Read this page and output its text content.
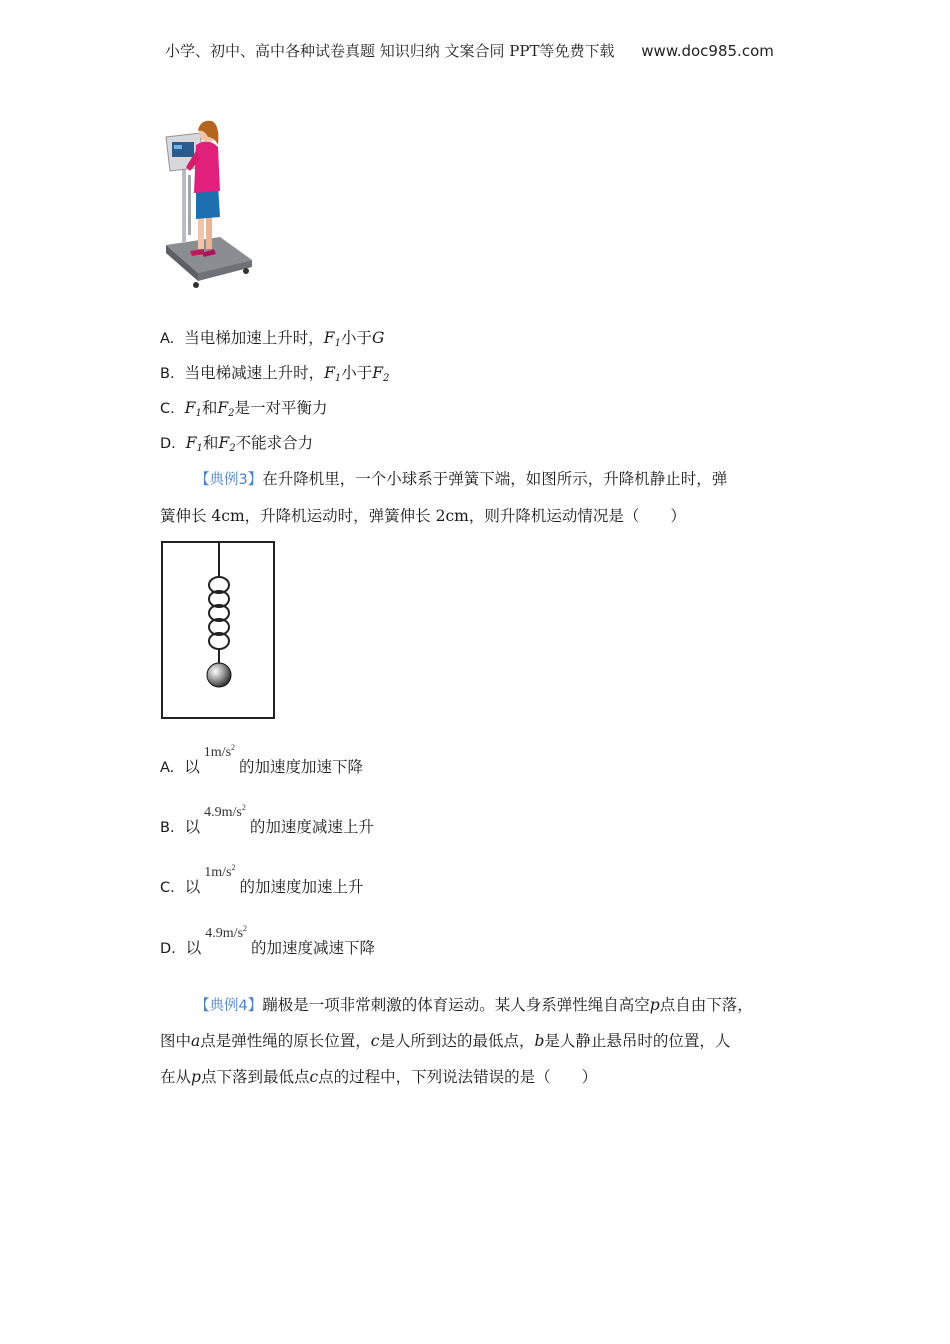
小学、初中、高中各种试卷真题 知识归纳 文案合同 PPT等免费下载 www.doc985.com
A. 当电梯加速上升时，$F_1$小于G
B. 当电梯减速上升时，$F_1$小于$F_2$
C. $F_1$和$F_2$是一对平衡力
D. $F_1$和$F_2$不能求合力
【典例3】在升降机里，一个小球系于弹簧下端，如图所示，升降机静止时，弹
簧伸长 4cm，升降机运动时，弹簧伸长 2cm，则升降机运动情况是（　　）
A. 以$1m/s^2$的加速度加速下降
B. 以$4.9m/s^2$的加速度减速上升
C. 以$1m/s^2$的加速度加速上升
D. 以$4.9m/s^2$的加速度减速下降
【典例4】蹦极是一项非常刺激的体育运动。某人身系弹性绳自高空p点自由下落，
图中a点是弹性绳的原长位置，c是人所到达的最低点，b是人静止悬吊时的位置，人
在从p点下落到最低点c点的过程中，下列说法错误的是（　　）
